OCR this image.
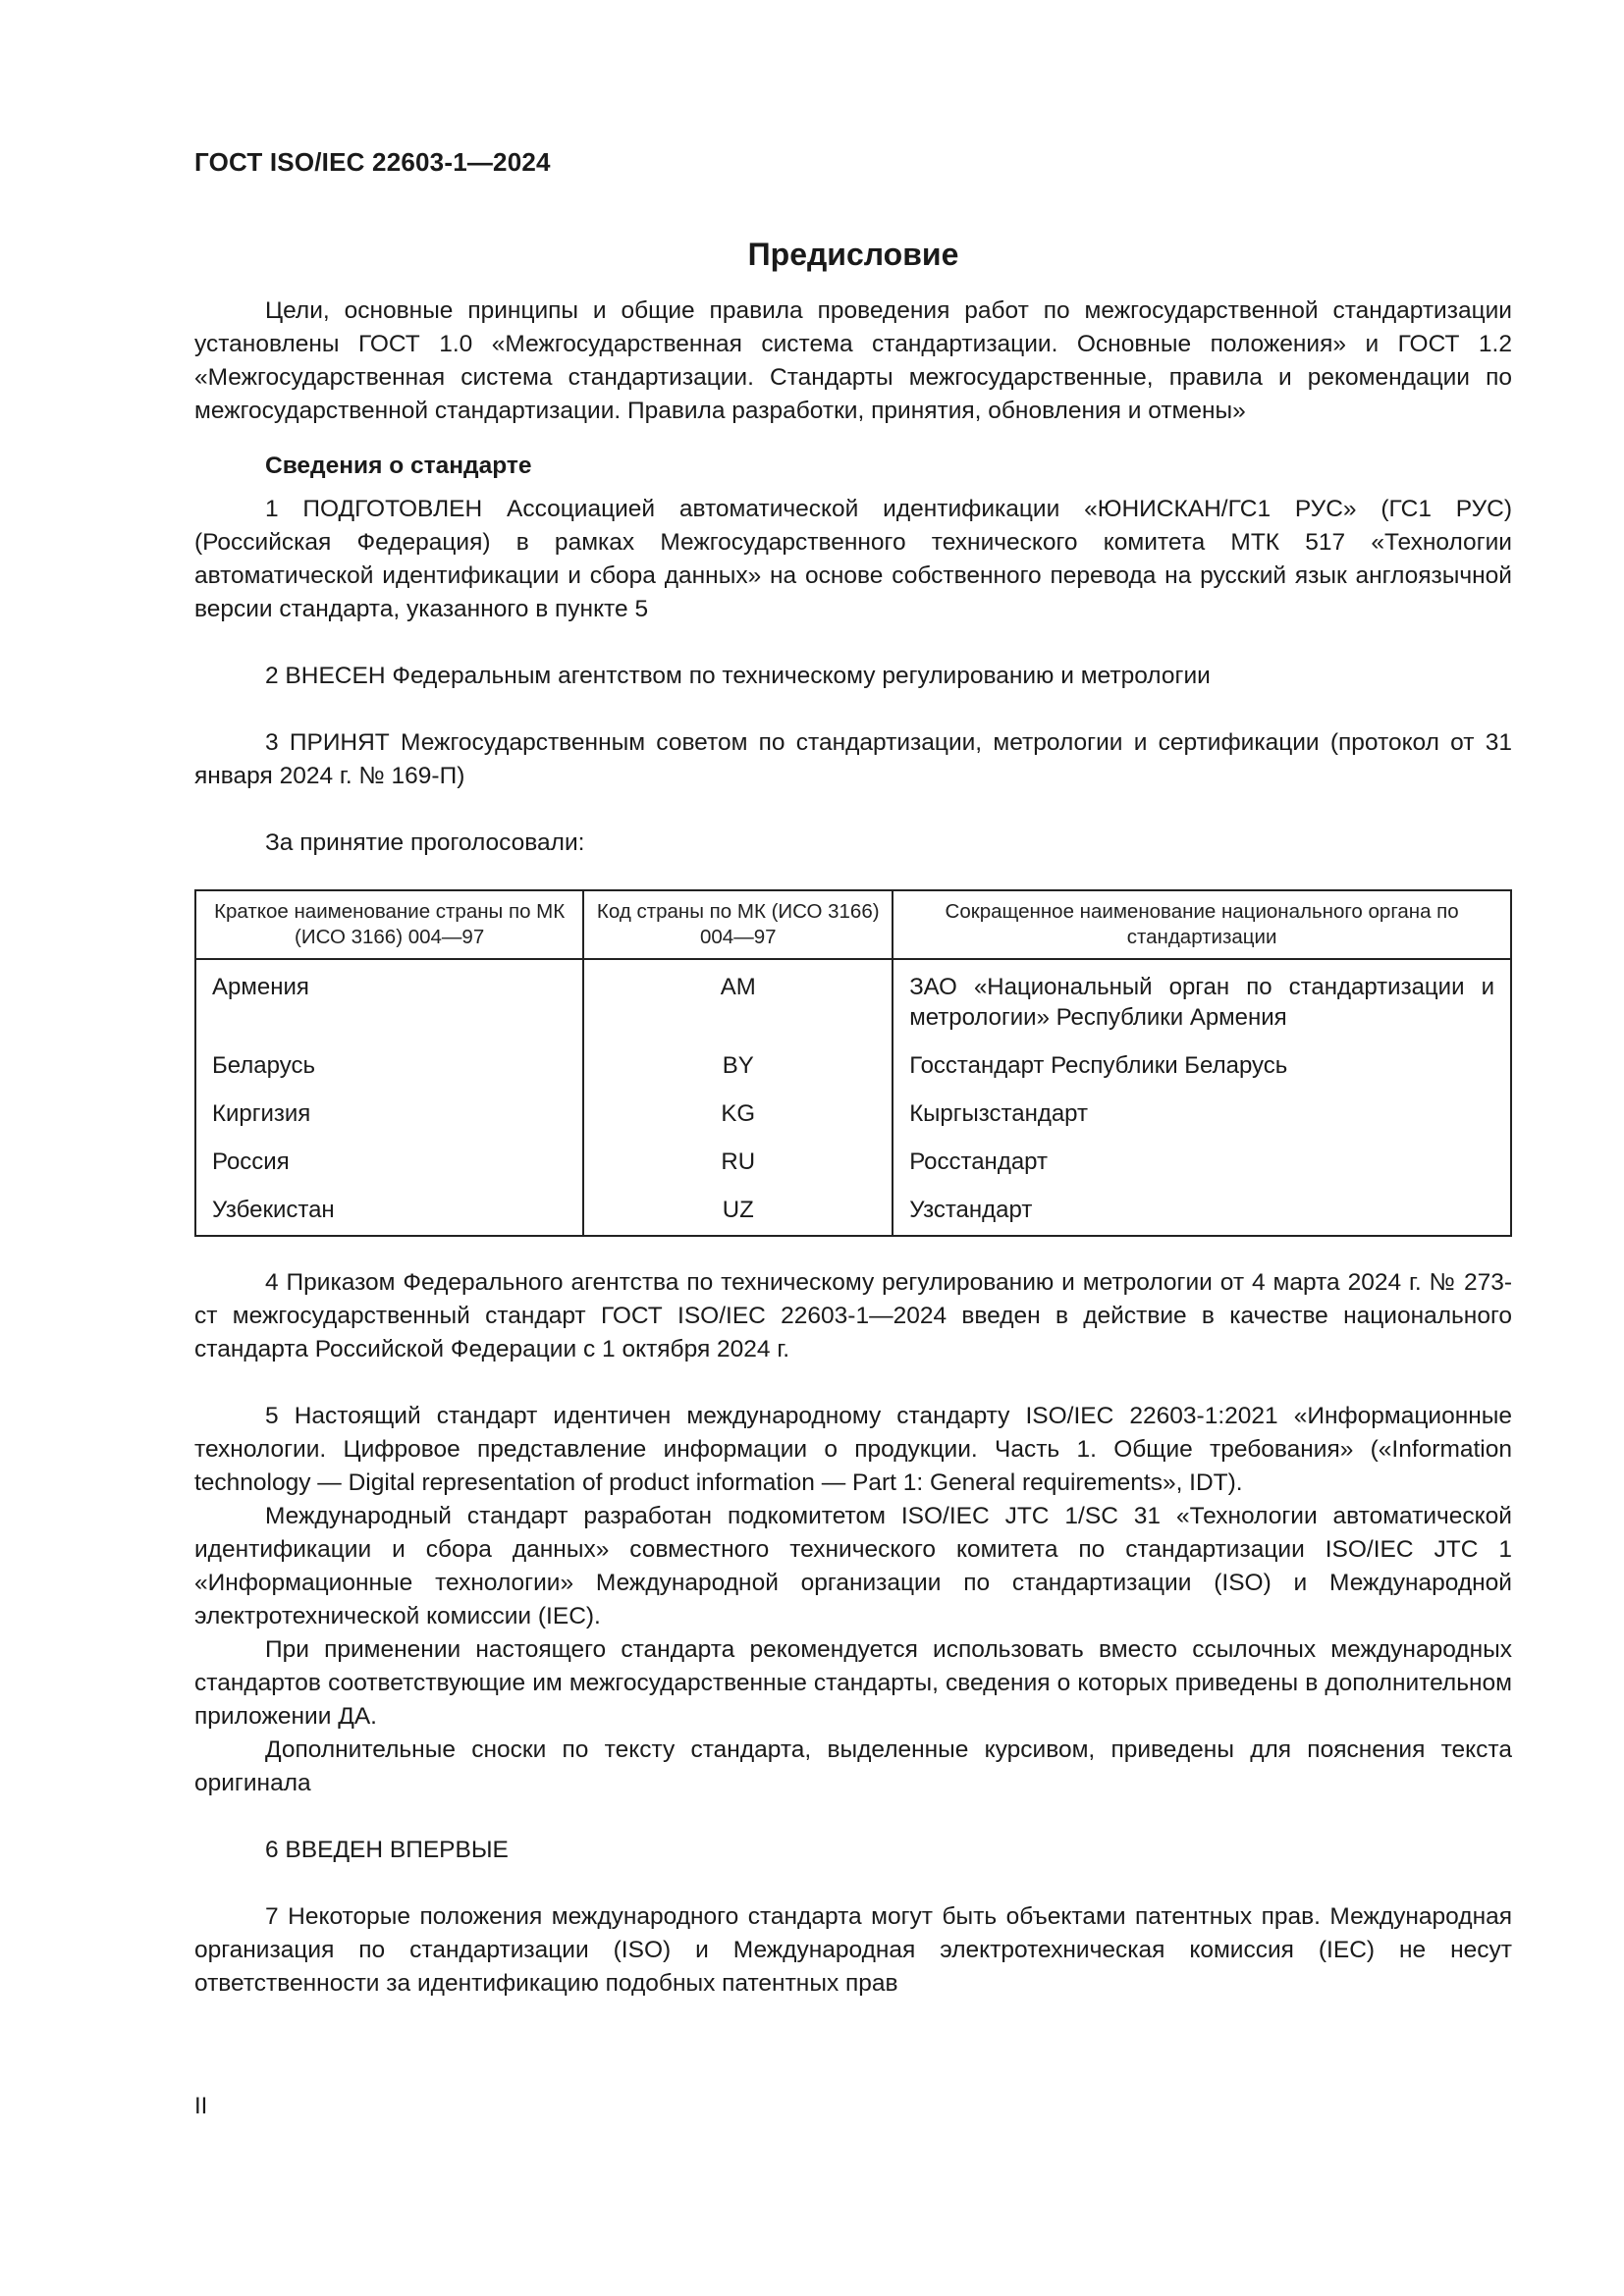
ГОСТ ISO/IEC 22603-1—2024
Предисловие

Цели, основные принципы и общие правила проведения работ по межгосударственной стандартизации установлены ГОСТ 1.0 «Межгосударственная система стандартизации. Основные положения» и ГОСТ 1.2 «Межгосударственная система стандартизации. Стандарты межгосударственные, правила и рекомендации по межгосударственной стандартизации. Правила разработки, принятия, обновления и отмены»

Сведения о стандарте

1 ПОДГОТОВЛЕН Ассоциацией автоматической идентификации «ЮНИСКАН/ГС1 РУС» (ГС1 РУС) (Российская Федерация) в рамках Межгосударственного технического комитета МТК 517 «Технологии автоматической идентификации и сбора данных» на основе собственного перевода на русский язык англоязычной версии стандарта, указанного в пункте 5

2 ВНЕСЕН Федеральным агентством по техническому регулированию и метрологии

3 ПРИНЯТ Межгосударственным советом по стандартизации, метрологии и сертификации (протокол от 31 января 2024 г. № 169-П)

За принятие проголосовали:

Краткое наименование страны по МК (ИСО 3166) 004—97	Код страны по МК (ИСО 3166) 004—97	Сокращенное наименование национального органа по стандартизации
Армения	AM	ЗАО «Национальный орган по стандартизации и метрологии» Республики Армения
Беларусь	BY	Госстандарт Республики Беларусь
Киргизия	KG	Кыргызстандарт
Россия	RU	Росстандарт
Узбекистан	UZ	Узстандарт

4 Приказом Федерального агентства по техническому регулированию и метрологии от 4 марта 2024 г. № 273-ст межгосударственный стандарт ГОСТ ISO/IEC 22603-1—2024 введен в действие в качестве национального стандарта Российской Федерации с 1 октября 2024 г.

5 Настоящий стандарт идентичен международному стандарту ISO/IEC 22603-1:2021 «Информационные технологии. Цифровое представление информации о продукции. Часть 1. Общие требования» («Information technology — Digital representation of product information — Part 1: General requirements», IDT).

Международный стандарт разработан подкомитетом ISO/IEC JTC 1/SC 31 «Технологии автоматической идентификации и сбора данных» совместного технического комитета по стандартизации ISO/IEC JTC 1 «Информационные технологии» Международной организации по стандартизации (ISO) и Международной электротехнической комиссии (IEC).

При применении настоящего стандарта рекомендуется использовать вместо ссылочных международных стандартов соответствующие им межгосударственные стандарты, сведения о которых приведены в дополнительном приложении ДА.

Дополнительные сноски по тексту стандарта, выделенные курсивом, приведены для пояснения текста оригинала

6 ВВЕДЕН ВПЕРВЫЕ

7 Некоторые положения международного стандарта могут быть объектами патентных прав. Международная организация по стандартизации (ISO) и Международная электротехническая комиссия (IEC) не несут ответственности за идентификацию подобных патентных прав

II
